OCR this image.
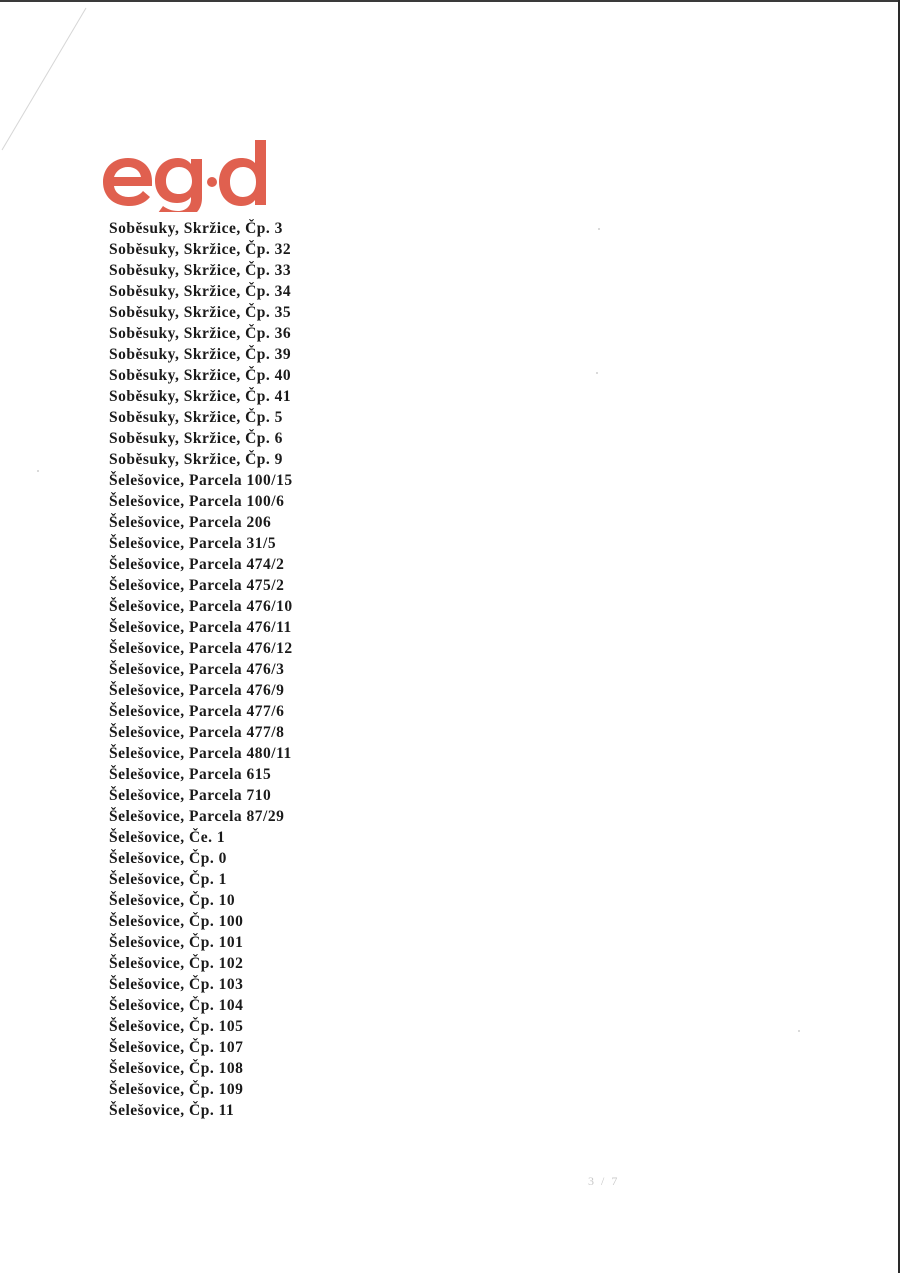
Soběsuky, Skržice, Čp. 3
Soběsuky, Skržice, Čp. 32
Soběsuky, Skržice, Čp. 33
Soběsuky, Skržice, Čp. 34
Soběsuky, Skržice, Čp. 35
Soběsuky, Skržice, Čp. 36
Soběsuky, Skržice, Čp. 39
Soběsuky, Skržice, Čp. 40
Soběsuky, Skržice, Čp. 41
Soběsuky, Skržice, Čp. 5
Soběsuky, Skržice, Čp. 6
Soběsuky, Skržice, Čp. 9
Šelešovice, Parcela 100/15
Šelešovice, Parcela 100/6
Šelešovice, Parcela 206
Šelešovice, Parcela 31/5
Šelešovice, Parcela 474/2
Šelešovice, Parcela 475/2
Šelešovice, Parcela 476/10
Šelešovice, Parcela 476/11
Šelešovice, Parcela 476/12
Šelešovice, Parcela 476/3
Šelešovice, Parcela 476/9
Šelešovice, Parcela 477/6
Šelešovice, Parcela 477/8
Šelešovice, Parcela 480/11
Šelešovice, Parcela 615
Šelešovice, Parcela 710
Šelešovice, Parcela 87/29
Šelešovice, Če. 1
Šelešovice, Čp. 0
Šelešovice, Čp. 1
Šelešovice, Čp. 10
Šelešovice, Čp. 100
Šelešovice, Čp. 101
Šelešovice, Čp. 102
Šelešovice, Čp. 103
Šelešovice, Čp. 104
Šelešovice, Čp. 105
Šelešovice, Čp. 107
Šelešovice, Čp. 108
Šelešovice, Čp. 109
Šelešovice, Čp. 11
3 / 7
